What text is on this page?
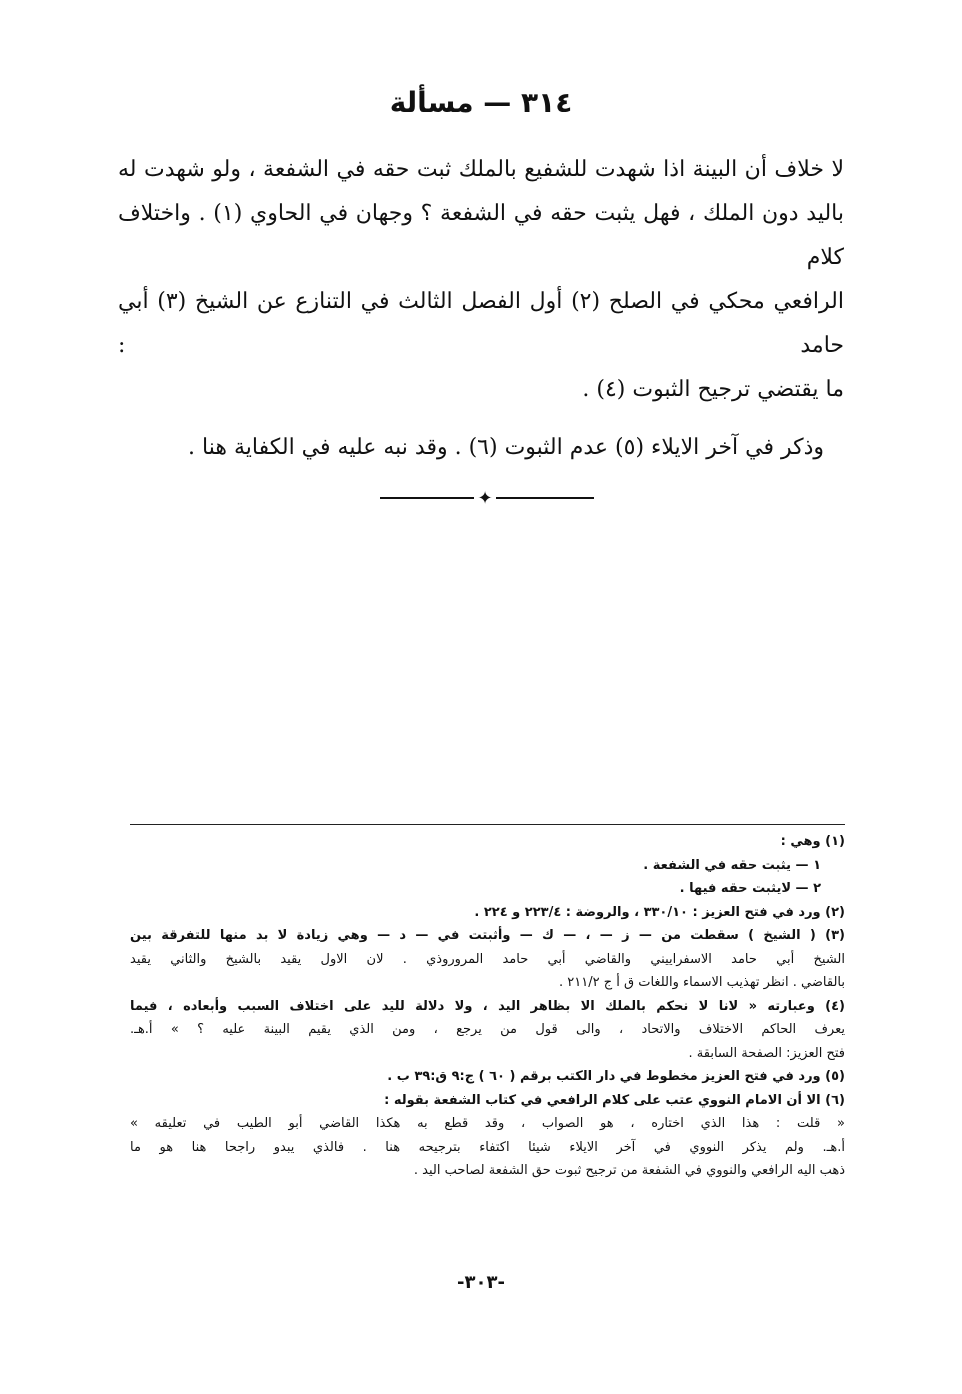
٣١٤ — مسألة

لا خلاف أن البينة اذا شهدت للشفيع بالملك ثبت حقه في الشفعة ، ولو شهدت له
باليد دون الملك ، فهل يثبت حقه في الشفعة ؟ وجهان في الحاوي (١) . واختلاف كلام
الرافعي محكي في الصلح (٢) أول الفصل الثالث في التنازع عن الشيخ (٣) أبي حامد :
ما يقتضي ترجيح الثبوت (٤) .

وذكر في آخر الايلاء (٥) عدم الثبوت (٦) . وقد نبه عليه في الكفاية هنا .

✦
(١) وهي :
١ — يثبت حقه في الشفعة .
٢ — لايثبت حقه فيها .
(٢) ورد في فتح العزيز : ٣٣٠/١٠ ، والروضة : ٢٢٣/٤ و ٢٢٤ .
(٣) ( الشيخ ) سقطت من — ز — ، — ك — وأثبتت في — د — وهي زيادة لا بد منها للتفرقة بين
الشيخ أبي حامد الاسفراييني والقاضي أبي حامد المروروذي . لان الاول يقيد بالشيخ والثاني يقيد
بالقاضي . انظر تهذيب الاسماء واللغات ق أ ج ٢١١/٢ .
(٤) وعبارته « لانا لا نحكم بالملك الا بظاهر اليد ، ولا دلالة لليد على اختلاف السبب وأبعاده ، فيما
يعرف الحاكم الاختلاف والاتحاد ، والى قول من يرجع ، ومن الذي يقيم البينة عليه ؟ » أ.هـ.
فتح العزيز: الصفحة السابقة .
(٥) ورد في فتح العزيز مخطوط في دار الكتب برقم ( ٦٠ ) ج:٩ ق:٣٩ ب .
(٦) الا أن الامام النووي عتب على كلام الرافعي في كتاب الشفعة بقوله :
« قلت : هذا الذي اختاره ، هو الصواب ، وقد قطع به هكذا القاضي أبو الطيب في تعليقه »
أ.هـ. ولم يذكر النووي في آخر الايلاء شيئا اكتفاء بترجيحه هنا . فالذي يبدو راجحا هنا هو ما
ذهب اليه الرافعي والنووي في الشفعة من ترجيح ثبوت حق الشفعة لصاحب اليد .
-٣٠٣-
